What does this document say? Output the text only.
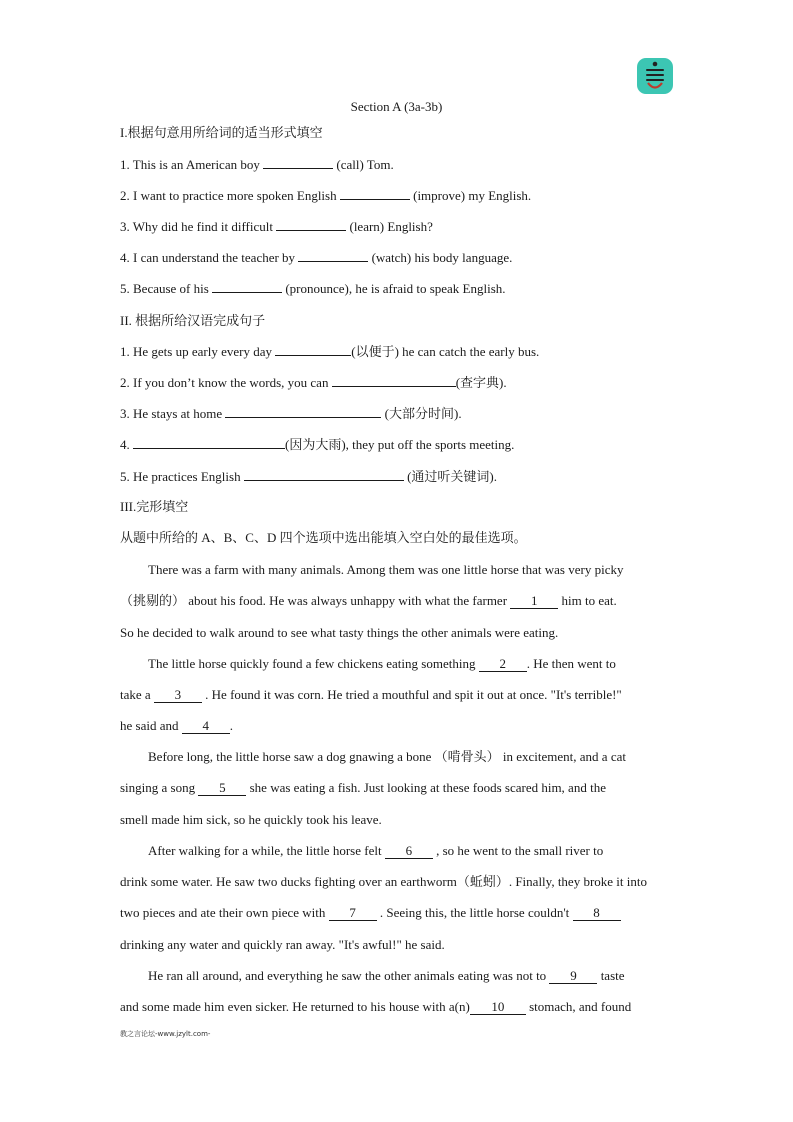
Section A (3a-3b)
I.根据句意用所给词的适当形式填空
1. This is an American boy	(call) Tom.
2. I want to practice more spoken English	(improve) my English.
3. Why did he find it difficult	(learn) English?
4. I can understand the teacher by	(watch) his body language.
5. Because of his	(pronounce), he is afraid to speak English.
II. 根据所给汉语完成句子
1. He gets up early every day	(以便于) he can catch the early bus.
2. If you don’t know the words, you can	(查字典).
3. He stays at home	(大部分时间).
4.	(因为大雨), they put off the sports meeting.
5. He practices English	(通过听关键词).
III.完形填空
从题中所给的 A、B、C、D 四个选项中选出能填入空白处的最佳选项。
There was a farm with many animals. Among them was one little horse that was very picky
（挑剔的） about his food. He was always unhappy with what the farmer 1 him to eat.
So he decided to walk around to see what tasty things the other animals were eating.
The little horse quickly found a few chickens eating something 2 . He then went to
take a 3 . He found it was corn. He tried a mouthful and spit it out at once. "It's terrible!"
he said and 4 .
Before long, the little horse saw a dog gnawing a bone （啃骨头） in excitement, and a cat
singing a song 5 she was eating a fish. Just looking at these foods scared him, and the
smell made him sick, so he quickly took his leave.
After walking for a while, the little horse felt 6 , so he went to the small river to
drink some water. He saw two ducks fighting over an earthworm（蚯蚓）. Finally, they broke it into
two pieces and ate their own piece with 7 . Seeing this, the little horse couldn't 8
drinking any water and quickly ran away. "It's awful!" he said.
He ran all around, and everything he saw the other animals eating was not to 9 taste
and some made him even sicker. He returned to his house with a(n) 10 stomach, and found
教之言论坛-www.jzylt.com-
